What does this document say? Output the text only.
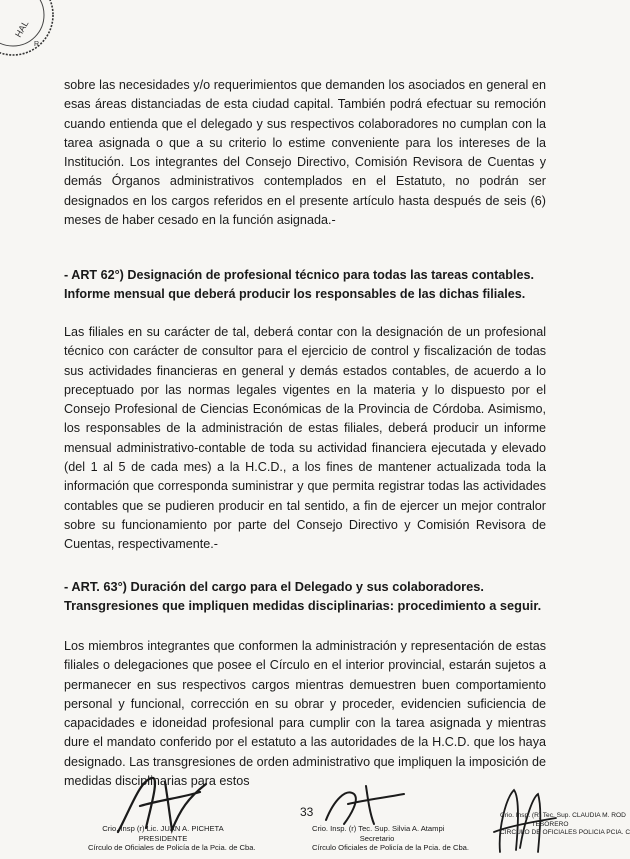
HAL
R

sobre las necesidades y/o requerimientos que demanden los asociados en general en esas áreas distanciadas de esta ciudad capital. También podrá efectuar su remoción cuando entienda que el delegado y sus respectivos colaboradores no cumplan con la tarea asignada o que a su criterio lo estime conveniente para los intereses de la Institución. Los integrantes del Consejo Directivo, Comisión Revisora de Cuentas y demás Órganos administrativos contemplados en el Estatuto, no podrán ser designados en los cargos referidos en el presente artículo hasta después de seis (6) meses de haber cesado en la función asignada.-

- ART 62°) Designación de profesional técnico para todas las tareas contables. Informe mensual que deberá producir los responsables de las dichas filiales.

Las filiales en su carácter de tal, deberá contar con la designación de un profesional técnico con carácter de consultor para el ejercicio de control y fiscalización de todas sus actividades financieras en general y demás estados contables, de acuerdo a lo preceptuado por las normas legales vigentes en la materia y lo dispuesto por el Consejo Profesional de Ciencias Económicas de la Provincia de Córdoba. Asimismo, los responsables de la administración de estas filiales, deberá producir un informe mensual administrativo-contable de toda su actividad financiera ejecutada y elevado (del 1 al 5 de cada mes) a la H.C.D., a los fines de mantener actualizada toda la información que corresponda suministrar y que permita registrar todas las actividades contables que se pudieren producir en tal sentido, a fin de ejercer un mejor contralor sobre su funcionamiento por parte del Consejo Directivo y Comisión Revisora de Cuentas, respectivamente.-

- ART. 63°) Duración del cargo para el Delegado y sus colaboradores. Transgresiones que impliquen medidas disciplinarias: procedimiento a seguir.

Los miembros integrantes que conformen la administración y representación de estas filiales o delegaciones que posee el Círculo en el interior provincial, estarán sujetos a permanecer en sus respectivos cargos mientras demuestren buen comportamiento personal y funcional, corrección en su obrar y proceder, evidencien suficiencia de capacidades e idoneidad profesional para cumplir con la tarea asignada y mientras dure el mandato conferido por el estatuto a las autoridades de la H.C.D. que los haya designado. Las transgresiones de orden administrativo que impliquen la imposición de medidas disciplinarias para estos

33
Crio. Insp (r) Lic. JUAN A. PICHETA
PRESIDENTE
Círculo de Oficiales de Policía de la Pcia. de Cba.
Crio. Insp. (r) Tec. Sup. Silvia A. Atampi
Secretario
Círculo Oficiales de Policía de la Pcia. de Cba.
Crio. Insp. (R) Tec. Sup. CLAUDIA M. ROD
TESORERO
CIRCULO DE OFICIALES POLICIA PCIA. C
